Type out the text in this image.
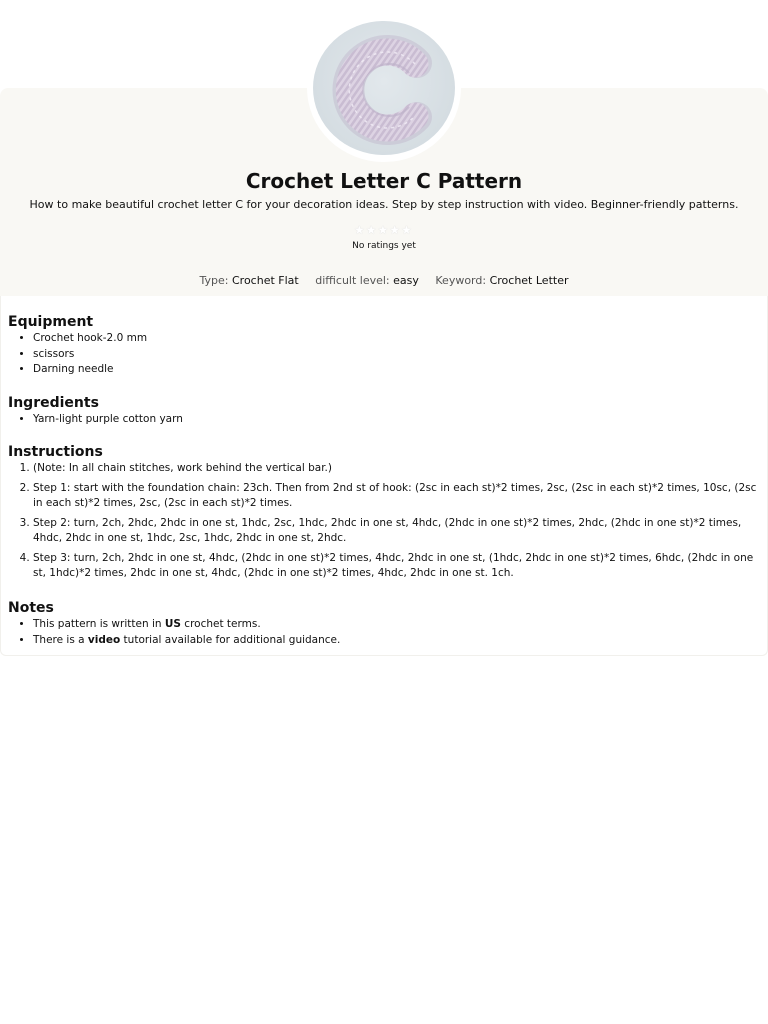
Crochet Letter C Pattern

How to make beautiful crochet letter C for your decoration ideas. Step by step instruction with video. Beginner-friendly patterns.

★ ★ ★ ★ ★
No ratings yet
Type: Crochet Flat difficult level: easy Keyword: Crochet Letter
Equipment
• Crochet hook-2.0 mm
• scissors
• Darning needle
Ingredients
• Yarn-light purple cotton yarn
Instructions
1. (Note: In all chain stitches, work behind the vertical bar.)
2. Step 1: start with the foundation chain: 23ch. Then from 2nd st of hook: (2sc in each st)*2 times, 2sc, (2sc in each st)*2 times, 10sc, (2sc in each st)*2 times, 2sc, (2sc in each st)*2 times.
3. Step 2: turn, 2ch, 2hdc, 2hdc in one st, 1hdc, 2sc, 1hdc, 2hdc in one st, 4hdc, (2hdc in one st)*2 times, 2hdc, (2hdc in one st)*2 times, 4hdc, 2hdc in one st, 1hdc, 2sc, 1hdc, 2hdc in one st, 2hdc.
4. Step 3: turn, 2ch, 2hdc in one st, 4hdc, (2hdc in one st)*2 times, 4hdc, 2hdc in one st, (1hdc, 2hdc in one st)*2 times, 6hdc, (2hdc in one st, 1hdc)*2 times, 2hdc in one st, 4hdc, (2hdc in one st)*2 times, 4hdc, 2hdc in one st. 1ch.
Notes
• This pattern is written in US crochet terms.
• There is a video tutorial available for additional guidance.
